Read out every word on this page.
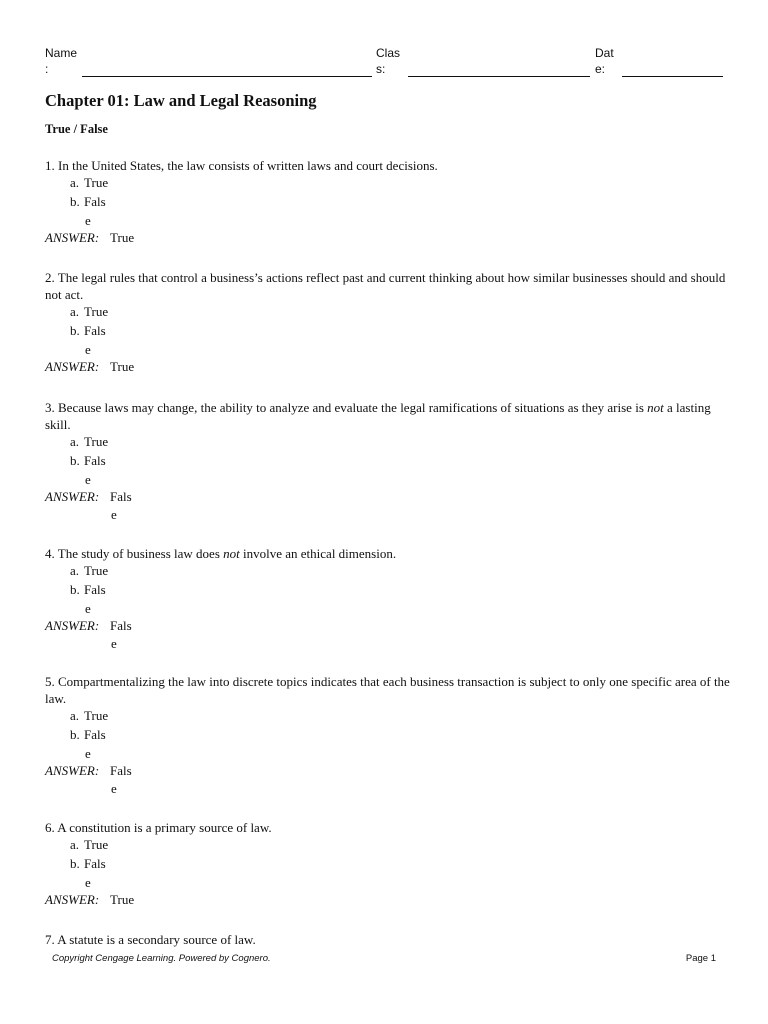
Name
:
Clas
s:
Dat
e:
Chapter 01: Law and Legal Reasoning
True / False

1. In the United States, the law consists of written laws and court decisions.

a. True
b. Fals
e
ANSWER: True

2. The legal rules that control a business’s actions reflect past and current thinking about how similar businesses should and should not act.

a. True
b. Fals
e
ANSWER: True

3. Because laws may change, the ability to analyze and evaluate the legal ramifications of situations as they arise is not a lasting skill.

a. True
b. Fals
e
ANSWER: Fals
e

4. The study of business law does not involve an ethical dimension.

a. True
b. Fals
e
ANSWER: Fals
e

5. Compartmentalizing the law into discrete topics indicates that each business transaction is subject to only one specific area of the law.

a. True
b. Fals
e
ANSWER: Fals
e

6. A constitution is a primary source of law.

a. True
b. Fals
e
ANSWER: True

7. A statute is a secondary source of law.

Copyright Cengage Learning. Powered by Cognero.	Page 1
